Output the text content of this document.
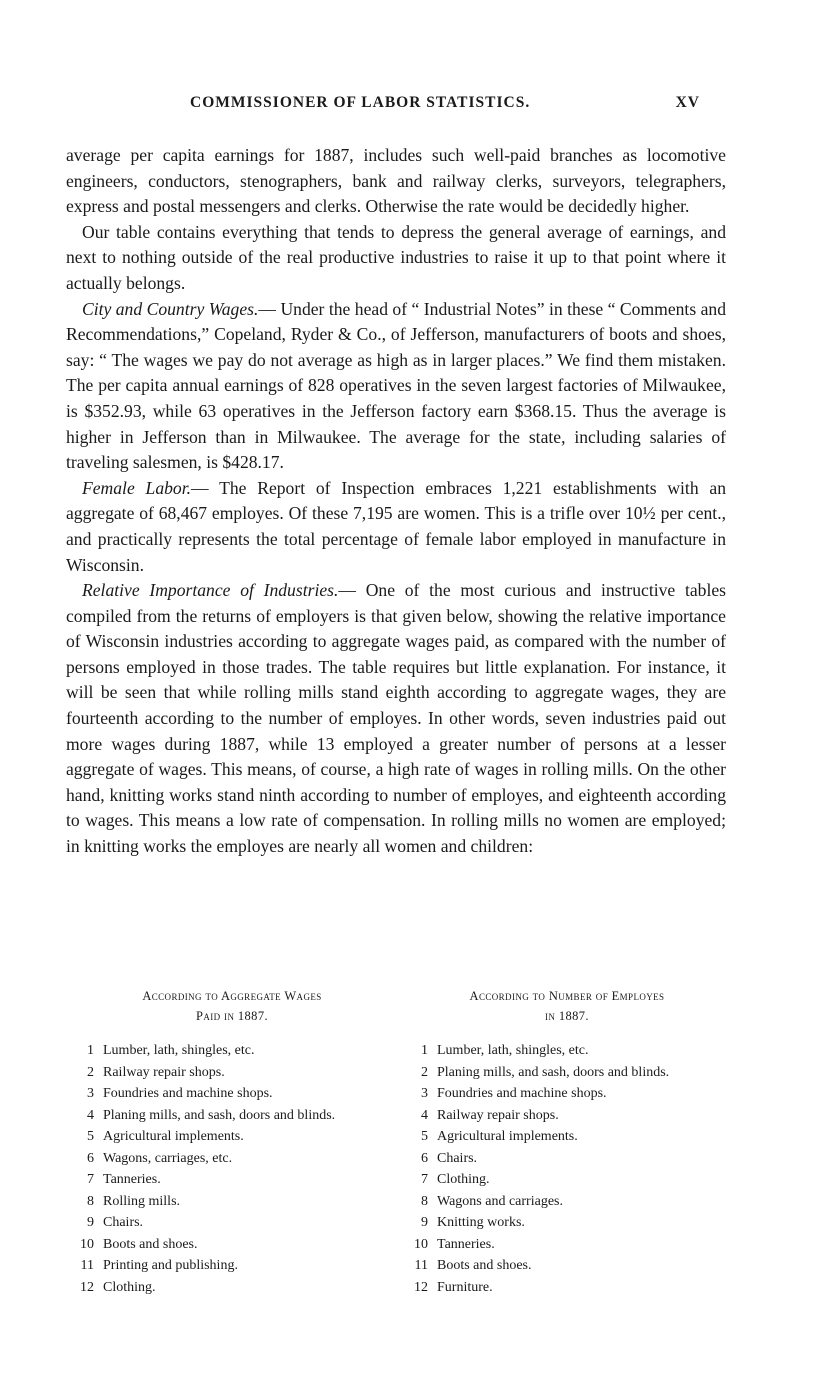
COMMISSIONER OF LABOR STATISTICS.	XV

average per capita earnings for 1887, includes such well-paid branches as locomotive engineers, conductors, stenographers, bank and railway clerks, surveyors, telegraphers, express and postal messengers and clerks. Otherwise the rate would be decidedly higher.

Our table contains everything that tends to depress the general average of earnings, and next to nothing outside of the real productive industries to raise it up to that point where it actually belongs.

City and Country Wages.— Under the head of “ Industrial Notes” in these “ Comments and Recommendations,” Copeland, Ryder & Co., of Jefferson, manufacturers of boots and shoes, say: “ The wages we pay do not average as high as in larger places.” We find them mistaken. The per capita annual earnings of 828 operatives in the seven largest factories of Milwaukee, is $352.93, while 63 operatives in the Jefferson factory earn $368.15. Thus the average is higher in Jefferson than in Milwaukee. The average for the state, including salaries of traveling salesmen, is $428.17.

Female Labor.— The Report of Inspection embraces 1,221 establishments with an aggregate of 68,467 employes. Of these 7,195 are women. This is a trifle over 10½ per cent., and practically represents the total percentage of female labor employed in manufacture in Wisconsin.

Relative Importance of Industries.— One of the most curious and instructive tables compiled from the returns of employers is that given below, showing the relative importance of Wisconsin industries according to aggregate wages paid, as compared with the number of persons employed in those trades. The table requires but little explanation. For instance, it will be seen that while rolling mills stand eighth according to aggregate wages, they are fourteenth according to the number of employes. In other words, seven industries paid out more wages during 1887, while 13 employed a greater number of persons at a lesser aggregate of wages. This means, of course, a high rate of wages in rolling mills. On the other hand, knitting works stand ninth according to number of employes, and eighteenth according to wages. This means a low rate of compensation. In rolling mills no women are employed; in knitting works the employes are nearly all women and children:

According to Aggregate Wages
Paid in 1887.
1 Lumber, lath, shingles, etc.
2 Railway repair shops.
3 Foundries and machine shops.
4 Planing mills, and sash, doors and blinds.
5 Agricultural implements.
6 Wagons, carriages, etc.
7 Tanneries.
8 Rolling mills.
9 Chairs.
10 Boots and shoes.
11 Printing and publishing.
12 Clothing.
According to Number of Employes
in 1887.
1 Lumber, lath, shingles, etc.
2 Planing mills, and sash, doors and blinds.
3 Foundries and machine shops.
4 Railway repair shops.
5 Agricultural implements.
6 Chairs.
7 Clothing.
8 Wagons and carriages.
9 Knitting works.
10 Tanneries.
11 Boots and shoes.
12 Furniture.
